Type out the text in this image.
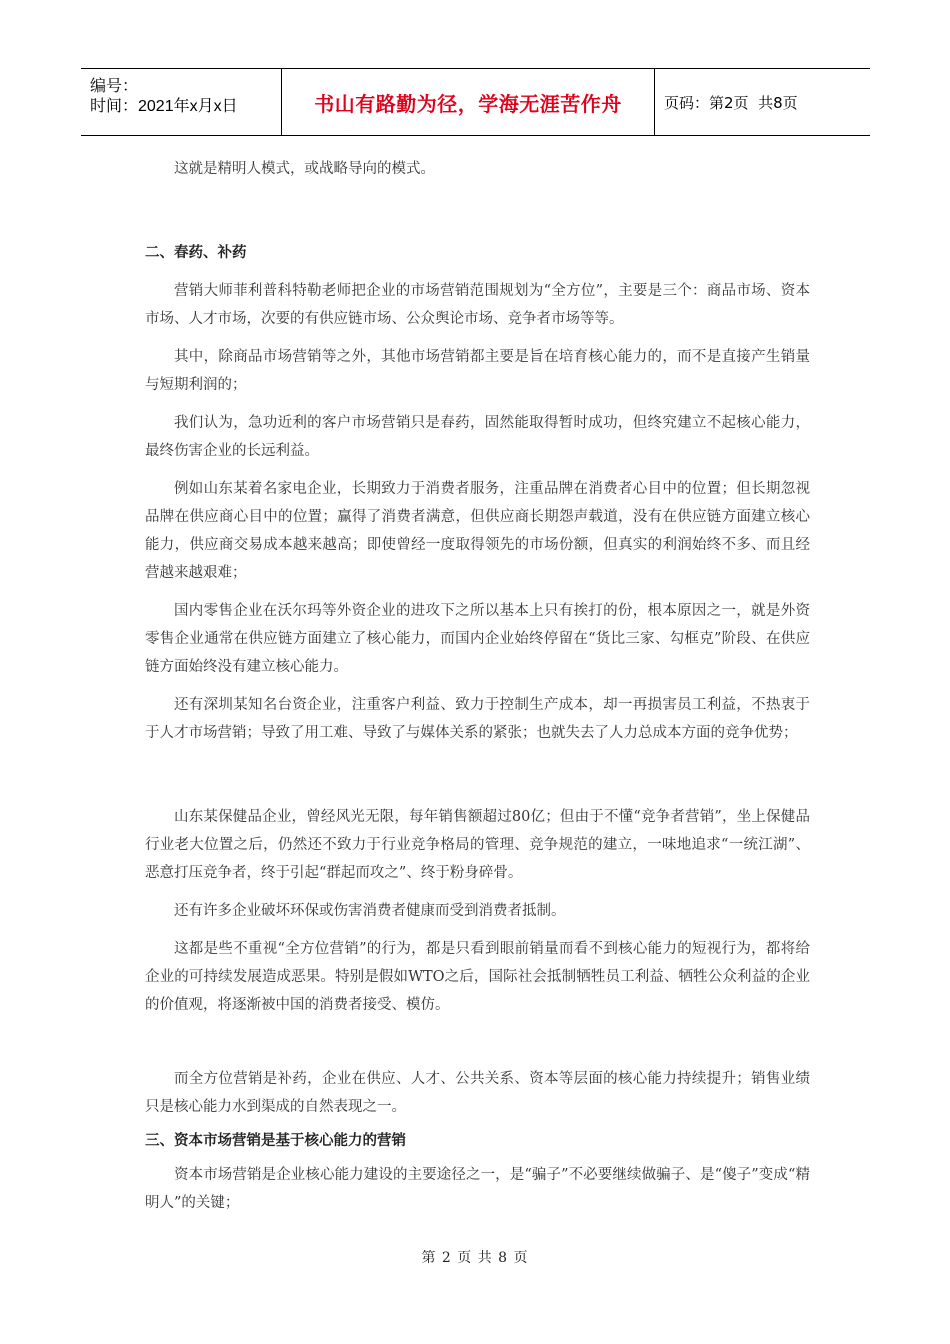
编号：
时间：2021年x月x日	书山有路勤为径，学海无涯苦作舟	页码：第2页  共8页

这就是精明人模式，或战略导向的模式。

二、春药、补药

营销大师菲利普科特勒老师把企业的市场营销范围规划为“全方位”，主要是三个：商品市场、资本市场、人才市场，次要的有供应链市场、公众舆论市场、竞争者市场等等。

其中，除商品市场营销等之外，其他市场营销都主要是旨在培育核心能力的，而不是直接产生销量与短期利润的；

我们认为，急功近利的客户市场营销只是春药，固然能取得暂时成功，但终究建立不起核心能力，最终伤害企业的长远利益。

例如山东某着名家电企业，长期致力于消费者服务，注重品牌在消费者心目中的位置；但长期忽视品牌在供应商心目中的位置；赢得了消费者满意，但供应商长期怨声载道，没有在供应链方面建立核心能力，供应商交易成本越来越高；即使曾经一度取得领先的市场份额，但真实的利润始终不多、而且经营越来越艰难；

国内零售企业在沃尔玛等外资企业的进攻下之所以基本上只有挨打的份，根本原因之一，就是外资零售企业通常在供应链方面建立了核心能力，而国内企业始终停留在“货比三家、勾框克”阶段、在供应链方面始终没有建立核心能力。

还有深圳某知名台资企业，注重客户利益、致力于控制生产成本，却一再损害员工利益，不热衷于于人才市场营销；导致了用工难、导致了与媒体关系的紧张；也就失去了人力总成本方面的竞争优势；

山东某保健品企业，曾经风光无限，每年销售额超过80亿；但由于不懂“竞争者营销”，坐上保健品行业老大位置之后，仍然还不致力于行业竞争格局的管理、竞争规范的建立，一味地追求“一统江湖”、恶意打压竞争者，终于引起“群起而攻之”、终于粉身碎骨。

还有许多企业破坏环保或伤害消费者健康而受到消费者抵制。

这都是些不重视“全方位营销”的行为，都是只看到眼前销量而看不到核心能力的短视行为，都将给企业的可持续发展造成恶果。特别是假如WTO之后，国际社会抵制牺牲员工利益、牺牲公众利益的企业的价值观，将逐渐被中国的消费者接受、模仿。

而全方位营销是补药，企业在供应、人才、公共关系、资本等层面的核心能力持续提升；销售业绩只是核心能力水到渠成的自然表现之一。

三、资本市场营销是基于核心能力的营销

资本市场营销是企业核心能力建设的主要途径之一，是“骗子”不必要继续做骗子、是“傻子”变成“精明人”的关键；

第 2 页 共 8 页
